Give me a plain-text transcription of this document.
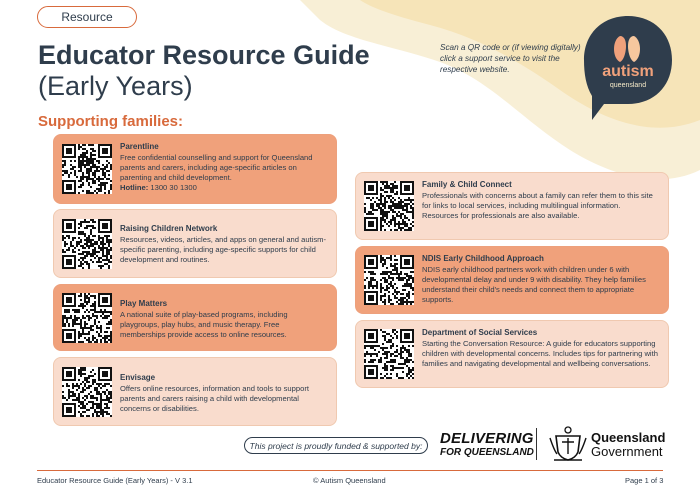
Resource
Educator Resource Guide
(Early Years)
Scan a QR code or (if viewing digitally) click a support service to visit the respective website.	autism
queensland
Supporting families:
Parentline
Free confidential counselling and support for Queensland parents and carers, including age-specific articles on parenting and child development.
Hotline: 1300 30 1300
Raising Children Network
Resources, videos, articles, and apps on general and autism-specific parenting, including age-specific supports for child development and routines.
Play Matters
A national suite of play-based programs, including playgroups, play hubs, and music therapy. Free memberships provide access to online resources.
Envisage
Offers online resources, information and tools to support parents and carers raising a child with developmental concerns or disabilities.
Family & Child Connect
Professionals with concerns about a family can refer them to this site for links to local services, including multilingual information. Resources for professionals are also available.
NDIS Early Childhood Approach
NDIS early childhood partners work with children under 6 with developmental delay and under 9 with disability. They help families understand their child's needs and connect them to appropriate supports.
Department of Social Services
Starting the Conversation Resource: A guide for educators supporting children with developmental concerns. Includes tips for partnering with families and navigating developmental and wellbeing conversations.
This project is proudly funded & supported by:	DELIVERING
FOR QUEENSLAND
Queensland
Government
Educator Resource Guide (Early Years) - V 3.1	© Autism Queensland	Page 1 of 3
